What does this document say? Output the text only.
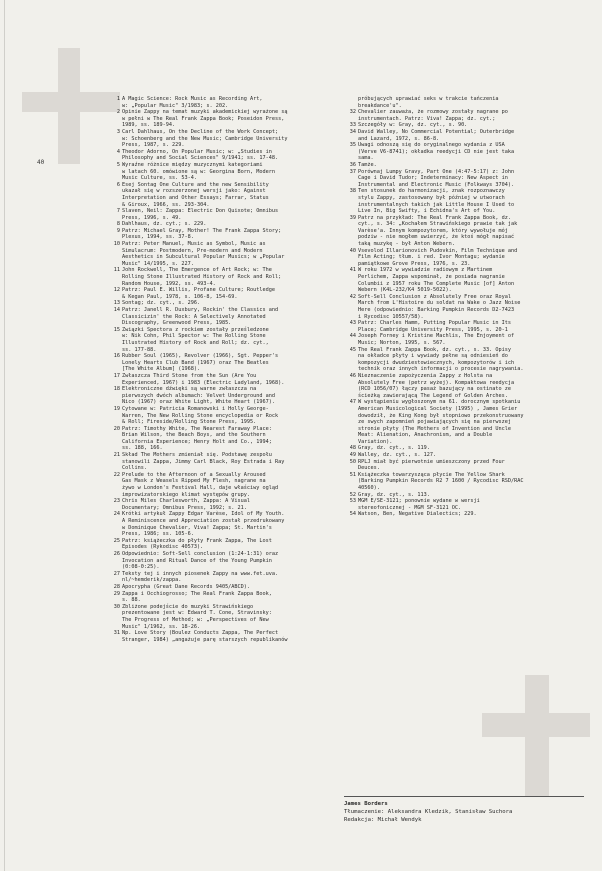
40
1 A Magic Science: Rock Music as Recording Art,
w: „Popular Music" 3/1983; s. 202.
2 Opinie Zappy na temat muzyki akademickiej wyrażone są
w pełni w The Real Frank Zappa Book; Poseidon Press,
1989, ss. 189-94.
3 Carl Dahlhaus, On the Decline of the Work Concept;
w: Schoenberg and the New Music; Cambridge University
Press, 1987, s. 229.
4 Theodor Adorno, On Popular Music; w: „Studies in
Philosophy and Social Sciences" 9/1941; ss. 17-48.
5 Wyraźne różnice między muzycznymi kategoriami
w latach 60. omówione są w: Georgina Born, Modern
Music Culture, ss. 53-4.
6 Esej Sontag One Culture and the new Sensibility
ukazał się w rozszerzonej wersji jako: Against
Interpretation and Other Essays; Farrar, Status
& Giroux, 1966, ss. 293-304.
7 Slaven, Neil: Zappa: Electric Don Quixote; Omnibus
Press, 1996, s. 49.
8 Dahlhaus, dz. cyt.; s. 229.
9 Patrz: Michael Gray, Mother! The Frank Zappa Story;
Plexus, 1994, ss. 37-8.
10 Patrz: Peter Manuel, Music as Symbol, Music as
Simulacrum: Postmodern, Pre-modern and Modern
Aesthetics in Subcultural Popular Musics; w „Popular
Music" 14/1995, s. 227.
11 John Rockwell, The Emergence of Art Rock; w: The
Rolling Stone Illustrated History of Rock and Roll;
Random House, 1992, ss. 493-4.
12 Patrz: Paul E. Willis, Profane Culture; Routledge
& Kegan Paul, 1978, s. 106-8, 154-69.
13 Sontag; dz. cyt., s. 296.
14 Patrz: Janell R. Duxbury, Rockin' the Classics and
Classicizin' the Rock: A Selectively Annotated
Discography, Greenwood Press, 1985.
15 Związki Spectora z rockiem zostały prześledzone
w: Nik Cohn, Phil Spector w: The Rolling Stone
Illustrated History of Rock and Roll; dz. cyt.,
ss. 177-88.
16 Rubber Soul (1965), Revolver (1966), Sgt. Pepper's
Lonely Hearts Club Band (1967) oraz The Beatles
[The White Album] (1968).
17 Zwłaszcza Third Stone from the Sun (Are You
Experienced, 1967) i 1983 (Electric Ladyland, 1968).
18 Elektroniczne dźwięki są warne zwłaszcza na
pierwszych dwóch albumach: Velvet Underground and
Nico (1967) oraz White Light, White Heart (1967).
19 Cytowane w: Patricia Romanowski i Holly George-
Warren, The New Rolling Stone encyclopedia or Rock
& Roll; Fireside/Rolling Stone Press, 1995.
20 Patrz: Timothy White, The Nearest Faraway Place:
Brian Wilson, the Beach Boys, and the Southern
California Experience; Henry Holt and Co., 1994;
ss. 188, 166.
21 Skład The Mothers zmieniał się. Podstawę zespołu
stanowili Zappa, Jimmy Carl Black, Roy Estrada i Ray
Collins.
22 Prelude to the Afternoon of a Sexually Aroused
Gas Mask z Weasels Ripped My Flesh, nagrane na
żywo w London's Festival Hall, daje właściwy ogląd
improwizatorskiego klimat występów grupy.
23 Chris Miles Charlesworth, Zappa: A Visual
Documentary; Omnibus Press, 1992; s. 21.
24 Krótki artykuł Zappy Edgar Varèse, Idol of My Youth.
A Reminiscence and Appreciation został przedrukowany
w Dominique Chevalier, Viva! Zappa; St. Martin's
Press, 1986; ss. 105-6.
25 Patrz: książeczka do płyty Frank Zappa, The Lost
Episodes (Rykodisc 40573).
26 Odpowiednio: Soft-Sell conclusion (1:24-1:31) oraz
Invocation and Ritual Dance of the Young Pumpkin
(0:08-0:25).
27 Teksty tej i innych piosenek Zappy na www.fet.uva.
nl/~hemderik/zappa.
28 Apocrypha (Great Dane Records 9405/ABCD).
29 Zappa i Occhiogrosso; The Real Frank Zappa Book,
s. 88.
30 Zbliżone podejście do muzyki Strawińskiego
prezentowane jest w: Edward T. Cone, Stravinsky:
The Progress of Method; w: „Perspectives of New
Music" 1/1962, ss. 18-26.
31 Np. Love Story (Boulez Conducts Zappa, The Perfect
Stranger, 1984) „angażuje parę starszych republikanów
próbujących uprawiać seks w trakcie tańczenia
breakdance'u".
32 Chevalier zauważa, że rozmowy zostały nagrane po
instrumentach. Patrz: Viva! Zappa; dz. cyt.;
33 Szczegóły w: Gray, dz. cyt., s. 90.
34 David Walley, No Commercial Potential; Outerbridge
and Lazard, 1972, s. 86-8.
35 Uwagi odnoszą się do oryginalnego wydania z USA
(Verve V6-8741); okładka reedycji CD nie jest taka
sama.
36 Tamże.
37 Porównaj Lumpy Gravy, Part One (4:47-5:17) z: John
Cage i David Tudor; Indeterminacy: New Aspect in
Instrumental and Electronic Music (Folkways 3704).
38 Ten stosunek do harmonizacji, znak rozpoznawczy
stylu Zappy, zastosowany był później w utworach
instrumentalnych takich jak Little House I Used to
Live In, Big Swifty, i Echidna's Art of You.
39 Patrz na przykład: The Real Frank Zappa Book, dz.
cyt., s. 34: „Kochałem Strawińskiego prawie tak jak
Varèse'a. Innym kompozytorem, który wywołuje mój
podziw - nie mogłem uwierzyć, że ktoś mógł napisać
taką muzykę - był Anton Webern.
40 Vsevolod Illarionovich Pudovkin, Film Technique and
Film Acting; tłum. i red. Ivor Montagu; wydanie
pamiątkowe Grove Press, 1976, s. 23.
41 W roku 1972 w wywiadzie radiowym z Martinem
Perlichem, Zappa wspominał, że posiada nagranie
Columbii z 1957 roku The Complete Music [of] Anton
Webern (K4L-232/K4 5019-5022).
42 Soft-Sell Conclusion z Absolutely Free oraz Royal
March from L'Histoire du soldat na Wake o Jazz Noise
Here (odpowiednio: Barking Pumpkin Records D2-7423
i Rycodisc 10557/58).
43 Patrz: Charles Hamm, Putting Popular Music in Its
Place; Cambridge University Press, 1995, s. 20-1
44 Joseph Forney i Kristine Machlis, The Enjoyment of
Music; Norton, 1995, s. 567.
45 The Real Frank Zappa Book, dz. cyt., s. 33. Opisy
na okładce płyty i wywiady pełne są odniesień do
kompozycji dwudziestowiecznych, kompozytorów i ich
technik oraz innych informacji o procesie nagrywania.
46 Nieznaczenie zapożyczenia Zappy z Holsta na
Absolutely Free (petrz wyżej). Kompaktowa reedycja
(RCD 1056/07) łączy pasaż bazujący na ostinato ze
ścieżką zawierającą The Legend of Golden Arches.
47 W wystąpieniu wygłoszonym na 61. dorocznym spotkaniu
American Musicological Society (1995) , James Grier
dowodził, że King Kong był stopniowo przekonstruowany
ze swych zapomnień pojawiających się na pierwszej
stronie płyty (The Mothers of Invention and Uncle
Meat: Alienation, Anachronism, and a Double
Variation).
48 Gray, dz. cyt., s. 119.
49 Walley, dz. cyt., s. 127.
50 RPLJ miał być pierwotnie umieszczony przed Four
Deuces.
51 Książeczka towarzysząca płycie The Yellow Shark
(Barking Pumpkin Records R2 7 1600 / Rycodisc RSD/RAC
40560).
52 Gray, dz. cyt., s. 113.
53 MGM E/SE-3121; ponownie wydane w wersji
stereofonicznej - MGM SF-3121 OC.
54 Watson, Ben, Negative Dialectics; 229.
James Borders
Tłumaczenie: Aleksandra Kledzik, Stanisław Suchora
Redakcja: Michał Wendyk
